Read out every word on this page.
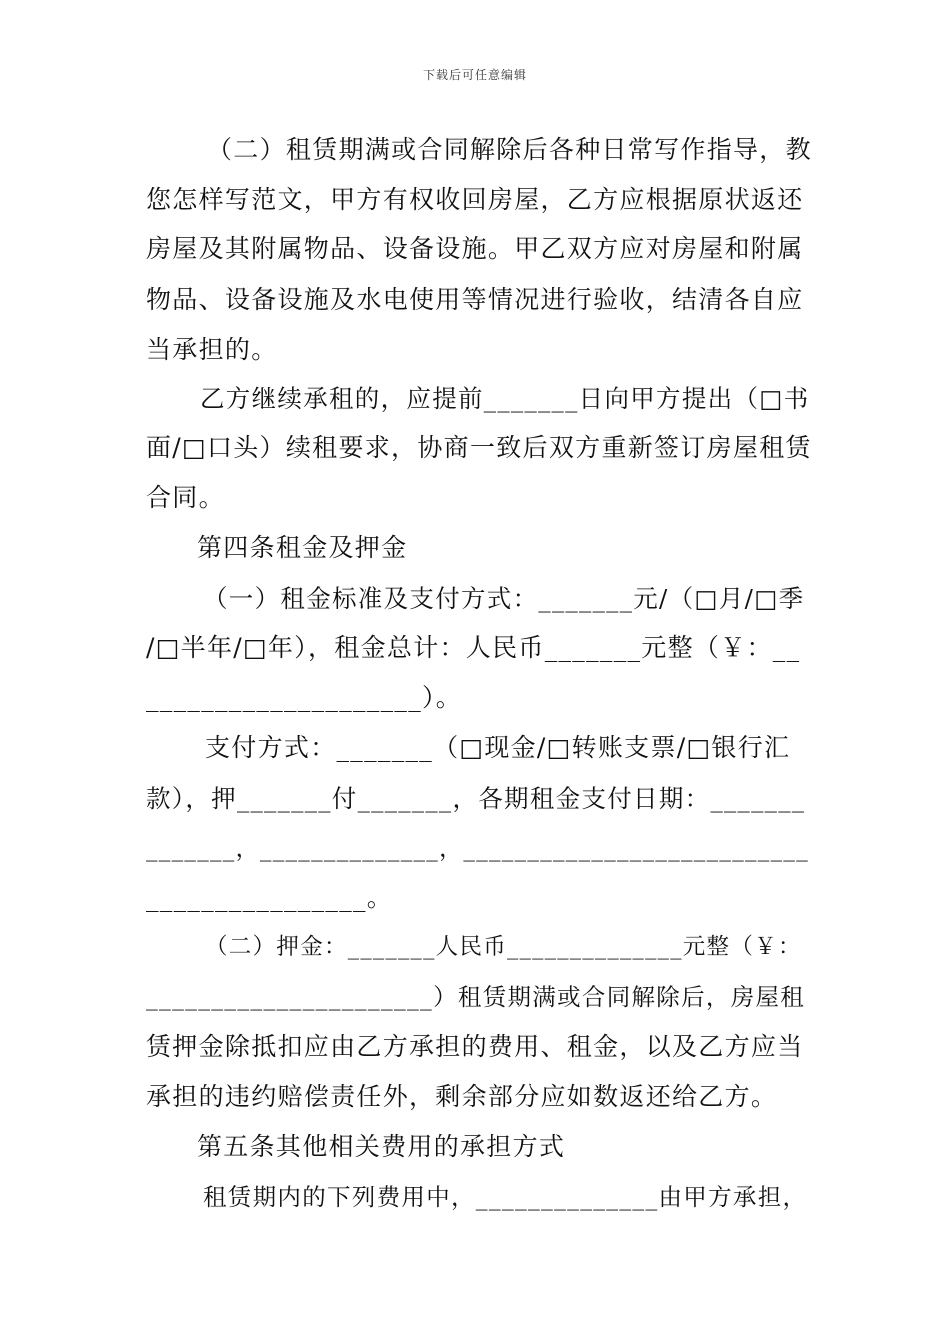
下载后可任意编辑
（二）租赁期满或合同解除后各种日常写作指导，教
您怎样写范文，甲方有权收回房屋，乙方应根据原状返还
房屋及其附属物品、设备设施。甲乙双方应对房屋和附属
物品、设备设施及水电使用等情况进行验收，结清各自应
当承担的。
乙方继续承租的，应提前_______日向甲方提出（□书
面/□口头）续租要求，协商一致后双方重新签订房屋租赁
合同。
第四条租金及押金
（一）租金标准及支付方式：_______元/（□月/□季
/□半年/□年），租金总计：人民币_______元整（￥：__
____________________）。
支付方式：_______（□现金/□转账支票/□银行汇
款），押_______付_______，各期租金支付日期：_______
_______，______________，___________________________
________________。
（二）押金：_______人民币______________元整（￥：
______________________）租赁期满或合同解除后，房屋租
赁押金除抵扣应由乙方承担的费用、租金，以及乙方应当
承担的违约赔偿责任外，剩余部分应如数返还给乙方。
第五条其他相关费用的承担方式
租赁期内的下列费用中，______________由甲方承担，
